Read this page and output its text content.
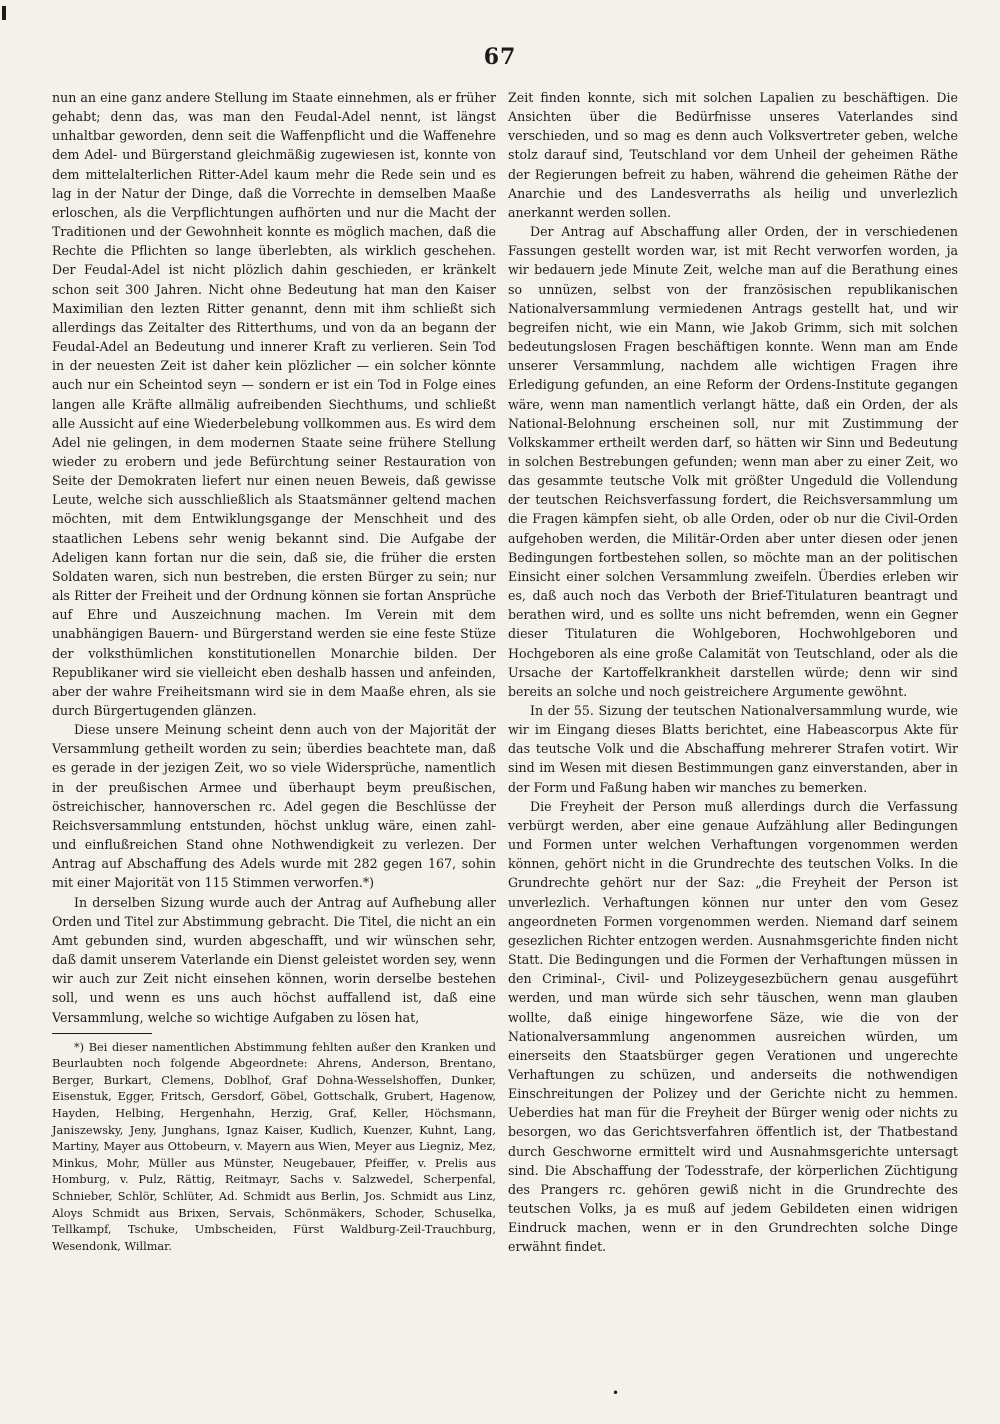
67

nun an eine ganz andere Stellung im Staate einnehmen, als er früher gehabt; denn das, was man den Feudal-Adel nennt, ist längst unhaltbar geworden, denn seit die Waffenpflicht und die Waffenehre dem Adel- und Bürgerstand gleichmäßig zugewiesen ist, konnte von dem mittelalterlichen Ritter-Adel kaum mehr die Rede sein und es lag in der Natur der Dinge, daß die Vorrechte in demselben Maaße erloschen, als die Verpflichtungen aufhörten und nur die Macht der Traditionen und der Gewohnheit konnte es möglich machen, daß die Rechte die Pflichten so lange überlebten, als wirklich geschehen. Der Feudal-Adel ist nicht plözlich dahin geschieden, er kränkelt schon seit 300 Jahren. Nicht ohne Bedeutung hat man den Kaiser Maximilian den lezten Ritter genannt, denn mit ihm schließt sich allerdings das Zeitalter des Ritterthums, und von da an begann der Feudal-Adel an Bedeutung und innerer Kraft zu verlieren. Sein Tod in der neuesten Zeit ist daher kein plözlicher — ein solcher könnte auch nur ein Scheintod seyn — sondern er ist ein Tod in Folge eines langen alle Kräfte allmälig aufreibenden Siechthums, und schließt alle Aussicht auf eine Wiederbelebung vollkommen aus. Es wird dem Adel nie gelingen, in dem modernen Staate seine frühere Stellung wieder zu erobern und jede Befürchtung seiner Restauration von Seite der Demokraten liefert nur einen neuen Beweis, daß gewisse Leute, welche sich ausschließlich als Staatsmänner geltend machen möchten, mit dem Entwiklungsgange der Menschheit und des staatlichen Lebens sehr wenig bekannt sind. Die Aufgabe der Adeligen kann fortan nur die sein, daß sie, die früher die ersten Soldaten waren, sich nun bestreben, die ersten Bürger zu sein; nur als Ritter der Freiheit und der Ordnung können sie fortan Ansprüche auf Ehre und Auszeichnung machen. Im Verein mit dem unabhängigen Bauern- und Bürgerstand werden sie eine feste Stüze der volksthümlichen konstitutionellen Monarchie bilden. Der Republikaner wird sie vielleicht eben deshalb hassen und anfeinden, aber der wahre Freiheitsmann wird sie in dem Maaße ehren, als sie durch Bürgertugenden glänzen.

Diese unsere Meinung scheint denn auch von der Majorität der Versammlung getheilt worden zu sein; überdies beachtete man, daß es gerade in der jezigen Zeit, wo so viele Widersprüche, namentlich in der preußischen Armee und überhaupt beym preußischen, östreichischer, hannoverschen rc. Adel gegen die Beschlüsse der Reichsversammlung entstunden, höchst unklug wäre, einen zahl- und einflußreichen Stand ohne Nothwendigkeit zu verlezen. Der Antrag auf Abschaffung des Adels wurde mit 282 gegen 167, sohin mit einer Majorität von 115 Stimmen verworfen.*)

In derselben Sizung wurde auch der Antrag auf Aufhebung aller Orden und Titel zur Abstimmung gebracht. Die Titel, die nicht an ein Amt gebunden sind, wurden abgeschafft, und wir wünschen sehr, daß damit unserem Vaterlande ein Dienst geleistet worden sey, wenn wir auch zur Zeit nicht einsehen können, worin derselbe bestehen soll, und wenn es uns auch höchst auffallend ist, daß eine Versammlung, welche so wichtige Aufgaben zu lösen hat,

*) Bei dieser namentlichen Abstimmung fehlten außer den Kranken und Beurlaubten noch folgende Abgeordnete: Ahrens, Anderson, Brentano, Berger, Burkart, Clemens, Doblhof, Graf Dohna-Wesselshoffen, Dunker, Eisenstuk, Egger, Fritsch, Gersdorf, Göbel, Gottschalk, Grubert, Hagenow, Hayden, Helbing, Hergenhahn, Herzig, Graf, Keller, Höchsmann, Janiszewsky, Jeny, Junghans, Ignaz Kaiser, Kudlich, Kuenzer, Kuhnt, Lang, Martiny, Mayer aus Ottobeurn, v. Mayern aus Wien, Meyer aus Liegniz, Mez, Minkus, Mohr, Müller aus Münster, Neugebauer, Pfeiffer, v. Prelis aus Homburg, v. Pulz, Rättig, Reitmayr, Sachs v. Salzwedel, Scherpenfal, Schnieber, Schlör, Schlüter, Ad. Schmidt aus Berlin, Jos. Schmidt aus Linz, Aloys Schmidt aus Brixen, Servais, Schönmäkers, Schoder, Schuselka, Tellkampf, Tschuke, Umbscheiden, Fürst Waldburg-Zeil-Trauchburg, Wesendonk, Willmar.

Zeit finden konnte, sich mit solchen Lapalien zu beschäftigen. Die Ansichten über die Bedürfnisse unseres Vaterlandes sind verschieden, und so mag es denn auch Volksvertreter geben, welche stolz darauf sind, Teutschland vor dem Unheil der geheimen Räthe der Regierungen befreit zu haben, während die geheimen Räthe der Anarchie und des Landesverraths als heilig und unverlezlich anerkannt werden sollen.

Der Antrag auf Abschaffung aller Orden, der in verschiedenen Fassungen gestellt worden war, ist mit Recht verworfen worden, ja wir bedauern jede Minute Zeit, welche man auf die Berathung eines so unnüzen, selbst von der französischen republikanischen Nationalversammlung vermiedenen Antrags gestellt hat, und wir begreifen nicht, wie ein Mann, wie Jakob Grimm, sich mit solchen bedeutungslosen Fragen beschäftigen konnte. Wenn man am Ende unserer Versammlung, nachdem alle wichtigen Fragen ihre Erledigung gefunden, an eine Reform der Ordens-Institute gegangen wäre, wenn man namentlich verlangt hätte, daß ein Orden, der als National-Belohnung erscheinen soll, nur mit Zustimmung der Volkskammer ertheilt werden darf, so hätten wir Sinn und Bedeutung in solchen Bestrebungen gefunden; wenn man aber zu einer Zeit, wo das gesammte teutsche Volk mit größter Ungeduld die Vollendung der teutschen Reichsverfassung fordert, die Reichsversammlung um die Fragen kämpfen sieht, ob alle Orden, oder ob nur die Civil-Orden aufgehoben werden, die Militär-Orden aber unter diesen oder jenen Bedingungen fortbestehen sollen, so möchte man an der politischen Einsicht einer solchen Versammlung zweifeln. Überdies erleben wir es, daß auch noch das Verboth der Brief-Titulaturen beantragt und berathen wird, und es sollte uns nicht befremden, wenn ein Gegner dieser Titulaturen die Wohlgeboren, Hochwohlgeboren und Hochgeboren als eine große Calamität von Teutschland, oder als die Ursache der Kartoffelkrankheit darstellen würde; denn wir sind bereits an solche und noch geistreichere Argumente gewöhnt.

In der 55. Sizung der teutschen Nationalversammlung wurde, wie wir im Eingang dieses Blatts berichtet, eine Habeascorpus Akte für das teutsche Volk und die Abschaffung mehrerer Strafen votirt. Wir sind im Wesen mit diesen Bestimmungen ganz einverstanden, aber in der Form und Faßung haben wir manches zu bemerken.

Die Freyheit der Person muß allerdings durch die Verfassung verbürgt werden, aber eine genaue Aufzählung aller Bedingungen und Formen unter welchen Verhaftungen vorgenommen werden können, gehört nicht in die Grundrechte des teutschen Volks. In die Grundrechte gehört nur der Saz: „die Freyheit der Person ist unverlezlich. Verhaftungen können nur unter den vom Gesez angeordneten Formen vorgenommen werden. Niemand darf seinem gesezlichen Richter entzogen werden. Ausnahmsgerichte finden nicht Statt. Die Bedingungen und die Formen der Verhaftungen müssen in den Criminal-, Civil- und Polizeygesezbüchern genau ausgeführt werden, und man würde sich sehr täuschen, wenn man glauben wollte, daß einige hingeworfene Säze, wie die von der Nationalversammlung angenommen ausreichen würden, um einerseits den Staatsbürger gegen Verationen und ungerechte Verhaftungen zu schüzen, und anderseits die nothwendigen Einschreitungen der Polizey und der Gerichte nicht zu hemmen. Ueberdies hat man für die Freyheit der Bürger wenig oder nichts zu besorgen, wo das Gerichtsverfahren öffentlich ist, der Thatbestand durch Geschworne ermittelt wird und Ausnahmsgerichte untersagt sind. Die Abschaffung der Todesstrafe, der körperlichen Züchtigung des Prangers rc. gehören gewiß nicht in die Grundrechte des teutschen Volks, ja es muß auf jedem Gebildeten einen widrigen Eindruck machen, wenn er in den Grundrechten solche Dinge erwähnt findet.

•
